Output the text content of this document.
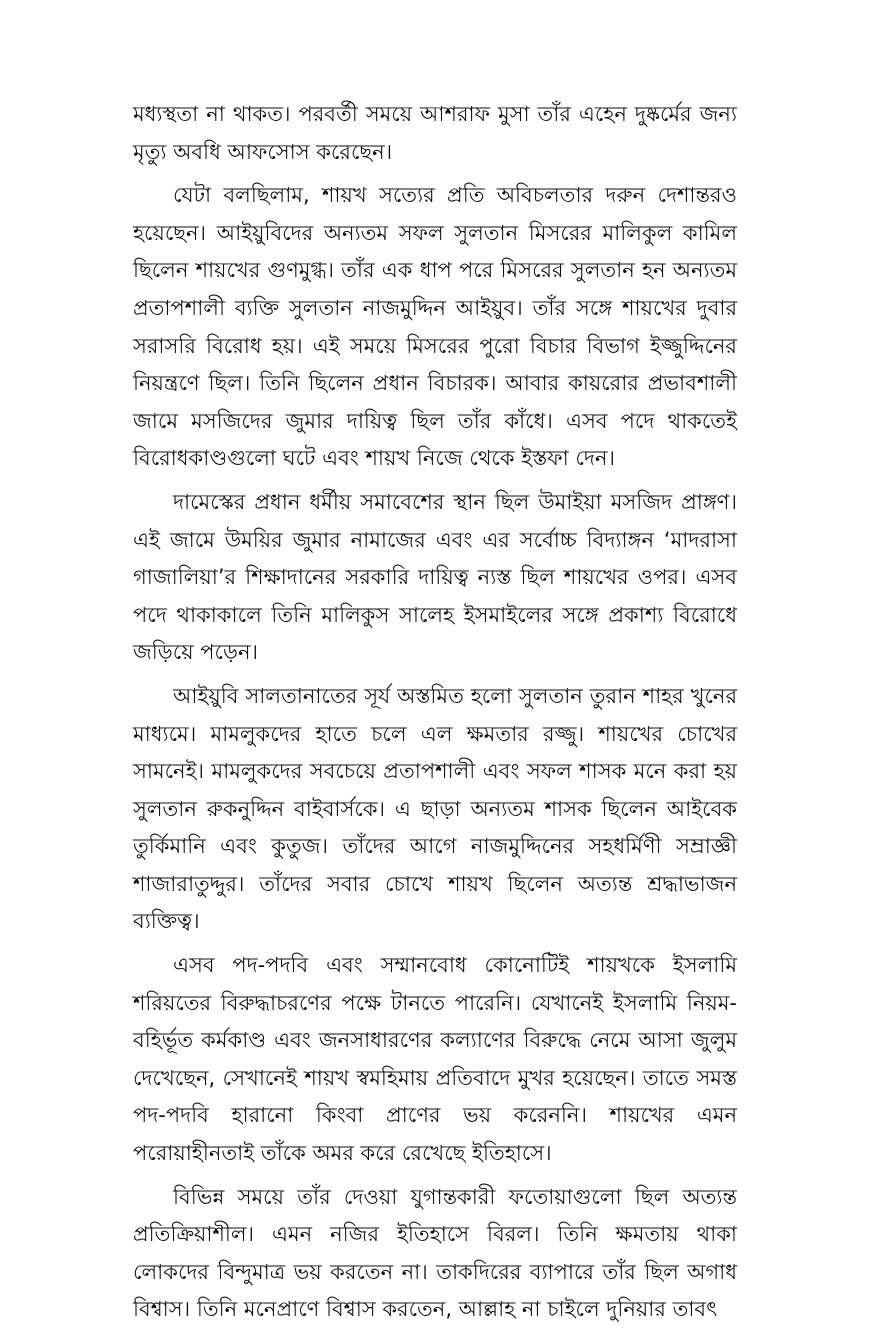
মধ্যস্থতা না থাকত। পরবর্তী সময়ে আশরাফ মুসা তাঁর এহেন দুষ্কর্মের জন্য মৃত্যু অবধি আফসোস করেছেন।

যেটা বলছিলাম, শায়খ সত্যের প্রতি অবিচলতার দরুন দেশান্তরও হয়েছেন। আইয়ুবিদের অন্যতম সফল সুলতান মিসরের মালিকুল কামিল ছিলেন শায়খের গুণমুগ্ধ। তাঁর এক ধাপ পরে মিসরের সুলতান হন অন্যতম প্রতাপশালী ব্যক্তি সুলতান নাজমুদ্দিন আইয়ুব। তাঁর সঙ্গে শায়খের দুবার সরাসরি বিরোধ হয়। এই সময়ে মিসরের পুরো বিচার বিভাগ ইজ্জুদ্দিনের নিয়ন্ত্রণে ছিল। তিনি ছিলেন প্রধান বিচারক। আবার কায়রোর প্রভাবশালী জামে মসজিদের জুমার দায়িত্ব ছিল তাঁর কাঁধে। এসব পদে থাকতেই বিরোধকাণ্ডগুলো ঘটে এবং শায়খ নিজে থেকে ইস্তফা দেন।

দামেস্কের প্রধান ধর্মীয় সমাবেশের স্থান ছিল উমাইয়া মসজিদ প্রাঙ্গণ। এই জামে উময়ির জুমার নামাজের এবং এর সর্বোচ্চ বিদ্যাঙ্গন ‘মাদরাসা গাজালিয়া’র শিক্ষাদানের সরকারি দায়িত্ব ন্যস্ত ছিল শায়খের ওপর। এসব পদে থাকাকালে তিনি মালিকুস সালেহ ইসমাইলের সঙ্গে প্রকাশ্য বিরোধে জড়িয়ে পড়েন।

আইয়ুবি সালতানাতের সূর্য অস্তমিত হলো সুলতান তুরান শাহর খুনের মাধ্যমে। মামলুকদের হাতে চলে এল ক্ষমতার রজ্জু। শায়খের চোখের সামনেই। মামলুকদের সবচেয়ে প্রতাপশালী এবং সফল শাসক মনে করা হয় সুলতান রুকনুদ্দিন বাইবার্সকে। এ ছাড়া অন্যতম শাসক ছিলেন আইবেক তুর্কিমানি এবং কুতুজ। তাঁদের আগে নাজমুদ্দিনের সহধর্মিণী সম্রাজ্ঞী শাজারাতুদ্দুর। তাঁদের সবার চোখে শায়খ ছিলেন অত্যন্ত শ্রদ্ধাভাজন ব্যক্তিত্ব।

এসব পদ-পদবি এবং সম্মানবোধ কোনোটিই শায়খকে ইসলামি শরিয়তের বিরুদ্ধাচরণের পক্ষে টানতে পারেনি। যেখানেই ইসলামি নিয়ম-বহির্ভূত কর্মকাণ্ড এবং জনসাধারণের কল্যাণের বিরুদ্ধে নেমে আসা জুলুম দেখেছেন, সেখানেই শায়খ স্বমহিমায় প্রতিবাদে মুখর হয়েছেন। তাতে সমস্ত পদ-পদবি হারানো কিংবা প্রাণের ভয় করেননি। শায়খের এমন পরোয়াহীনতাই তাঁকে অমর করে রেখেছে ইতিহাসে।

বিভিন্ন সময়ে তাঁর দেওয়া যুগান্তকারী ফতোয়াগুলো ছিল অত্যন্ত প্রতিক্রিয়াশীল। এমন নজির ইতিহাসে বিরল। তিনি ক্ষমতায় থাকা লোকদের বিন্দুমাত্র ভয় করতেন না। তাকদিরের ব্যাপারে তাঁর ছিল অগাধ বিশ্বাস। তিনি মনেপ্রাণে বিশ্বাস করতেন, আল্লাহ না চাইলে দুনিয়ার তাবৎ
